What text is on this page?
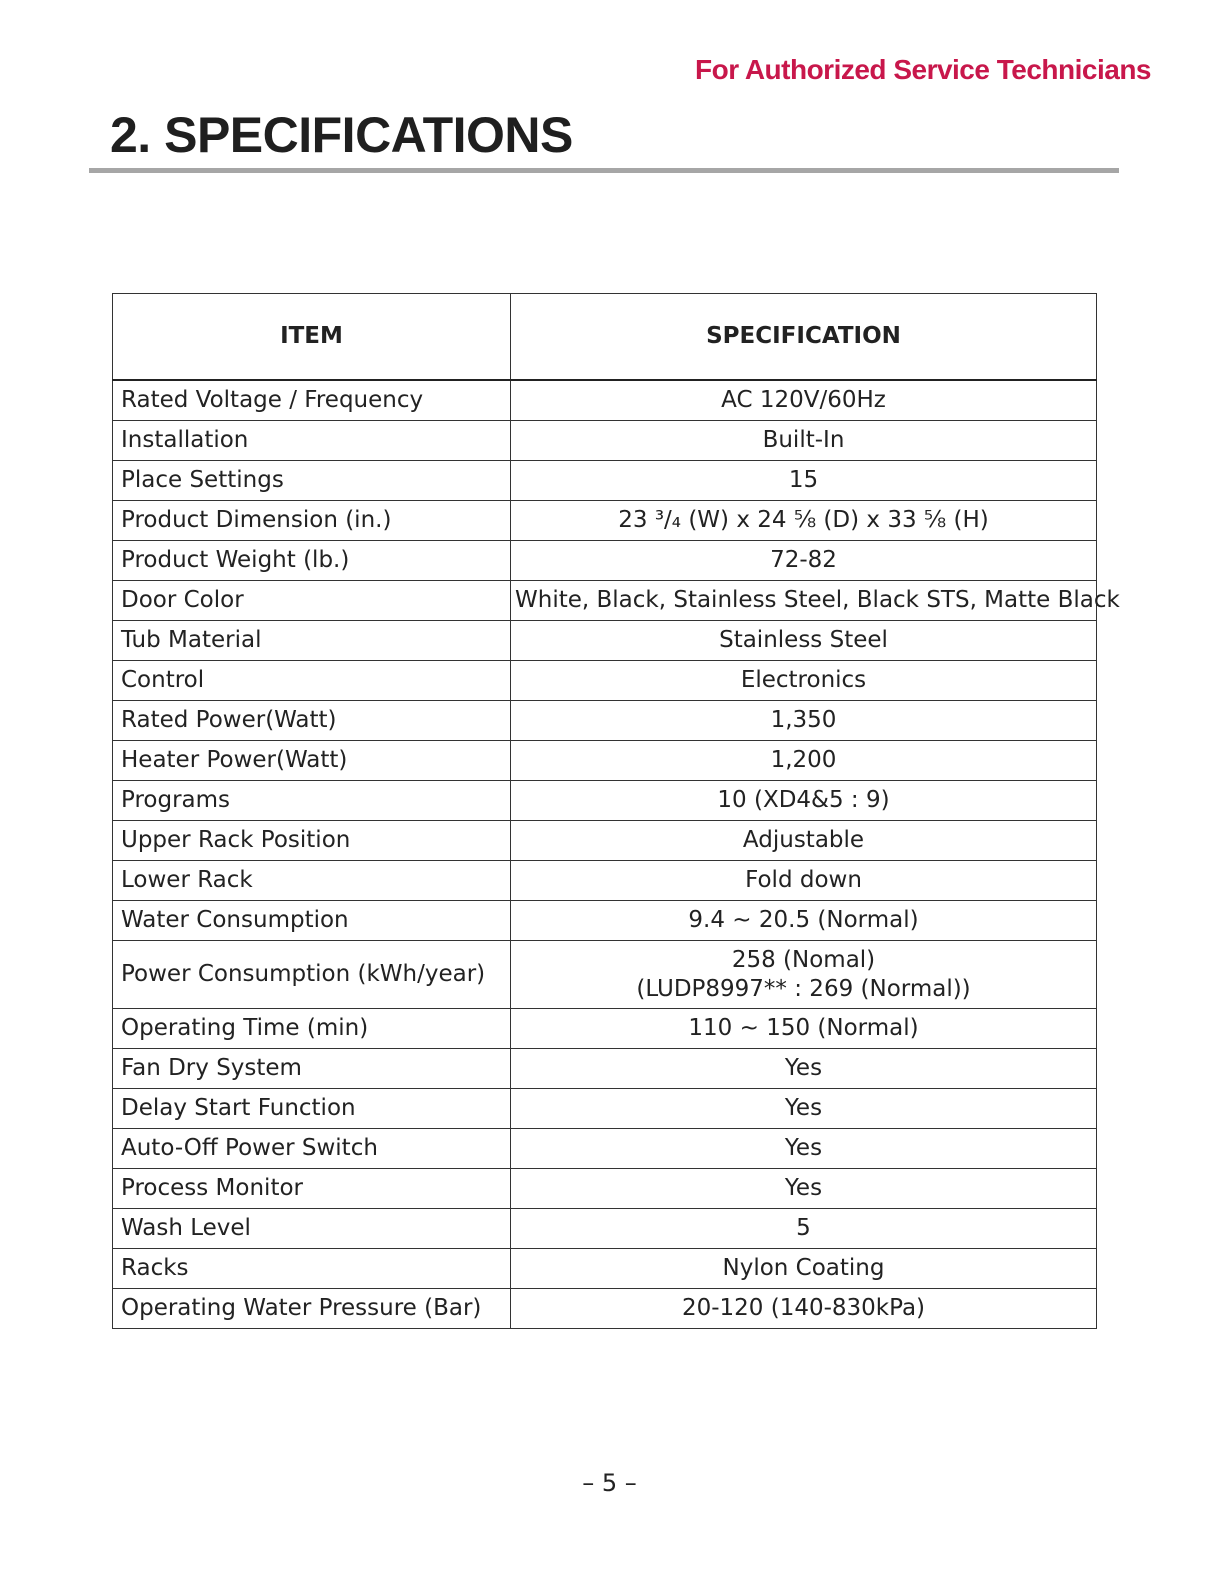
For Authorized Service Technicians
2. SPECIFICATIONS
ITEM	SPECIFICATION
Rated Voltage / Frequency	AC 120V/60Hz

Installation	Built-In

Place Settings	15

Product Dimension (in.)	23 ³/₄ (W) x 24 ⅝ (D) x 33 ⅝ (H)

Product Weight (lb.)	72-82

Door Color	White, Black, Stainless Steel, Black STS, Matte Black

Tub Material	Stainless Steel

Control	Electronics

Rated Power(Watt)	1,350

Heater Power(Watt)	1,200

Programs	10 (XD4&5 : 9)

Upper Rack Position	Adjustable

Lower Rack	Fold down

Water Consumption	9.4 ~ 20.5 (Normal)

Power Consumption (kWh/year)	258 (Nomal)
(LUDP8997** : 269 (Normal))

Operating Time (min)	110 ~ 150 (Normal)

Fan Dry System	Yes

Delay Start Function	Yes

Auto-Off Power Switch	Yes

Process Monitor	Yes

Wash Level	5

Racks	Nylon Coating

Operating Water Pressure (Bar)	20-120 (140-830kPa)
– 5 –
